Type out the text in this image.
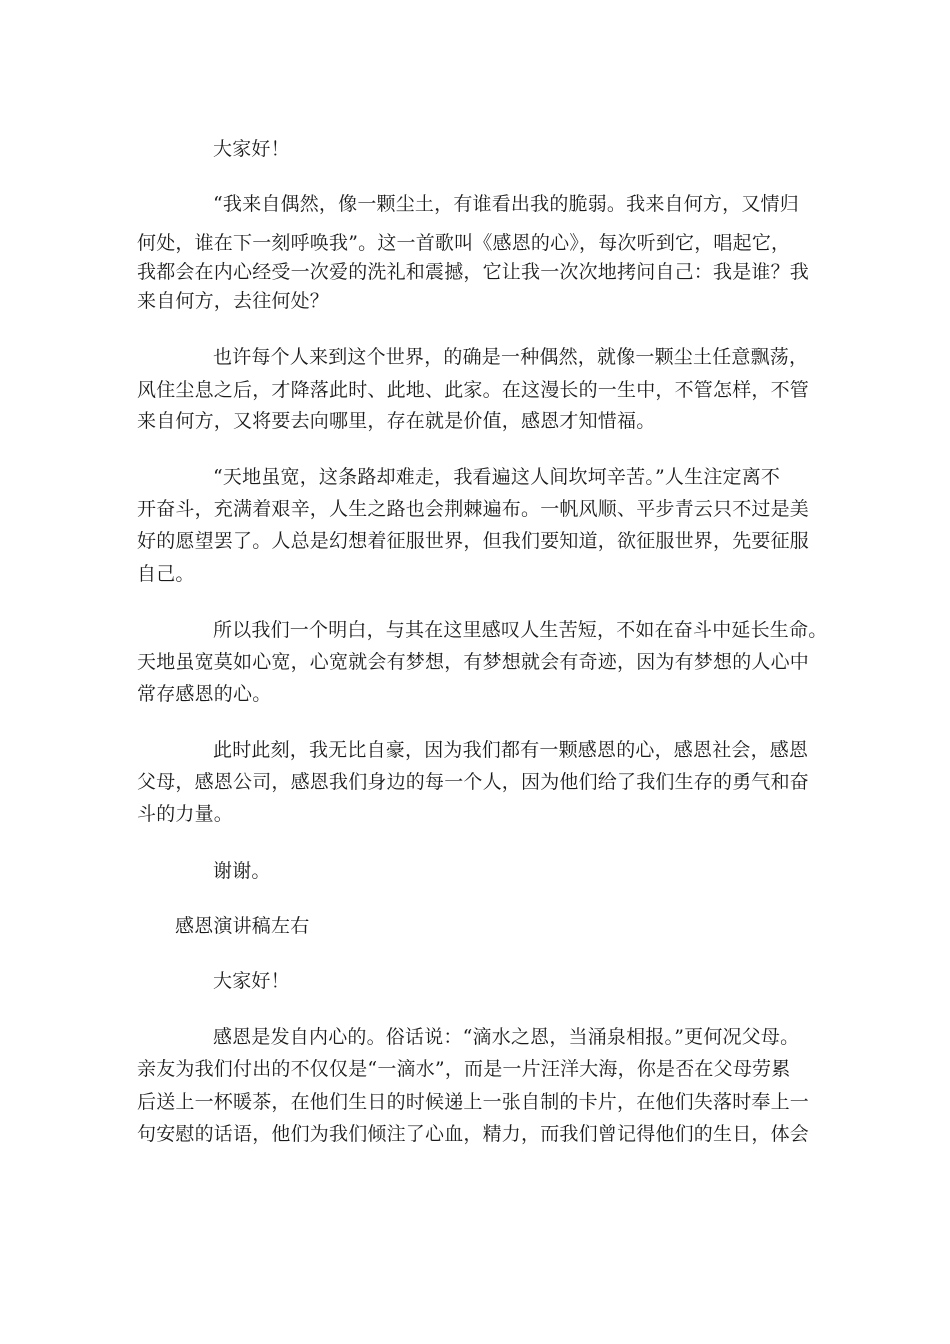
大家好！
“我来自偶然，像一颗尘土，有谁看出我的脆弱。我来自何方，又情归
何处，谁在下一刻呼唤我”。这一首歌叫《感恩的心》，每次听到它，唱起它，
我都会在内心经受一次爱的洗礼和震撼，它让我一次次地拷问自己：我是谁？我
来自何方，去往何处？
也许每个人来到这个世界，的确是一种偶然，就像一颗尘土任意飘荡，
风住尘息之后，才降落此时、此地、此家。在这漫长的一生中，不管怎样，不管
来自何方，又将要去向哪里，存在就是价值，感恩才知惜福。
“天地虽宽，这条路却难走，我看遍这人间坎坷辛苦。”人生注定离不
开奋斗，充满着艰辛，人生之路也会荆棘遍布。一帆风顺、平步青云只不过是美
好的愿望罢了。人总是幻想着征服世界，但我们要知道，欲征服世界，先要征服
自己。
所以我们一个明白，与其在这里感叹人生苦短，不如在奋斗中延长生命。
天地虽宽莫如心宽，心宽就会有梦想，有梦想就会有奇迹，因为有梦想的人心中
常存感恩的心。
此时此刻，我无比自豪，因为我们都有一颗感恩的心，感恩社会，感恩
父母，感恩公司，感恩我们身边的每一个人，因为他们给了我们生存的勇气和奋
斗的力量。
谢谢。
感恩演讲稿左右
大家好！
感恩是发自内心的。俗话说：“滴水之恩，当涌泉相报。”更何况父母。
亲友为我们付出的不仅仅是“一滴水”，而是一片汪洋大海，你是否在父母劳累
后送上一杯暖茶，在他们生日的时候递上一张自制的卡片，在他们失落时奉上一
句安慰的话语，他们为我们倾注了心血，精力，而我们曾记得他们的生日，体会
